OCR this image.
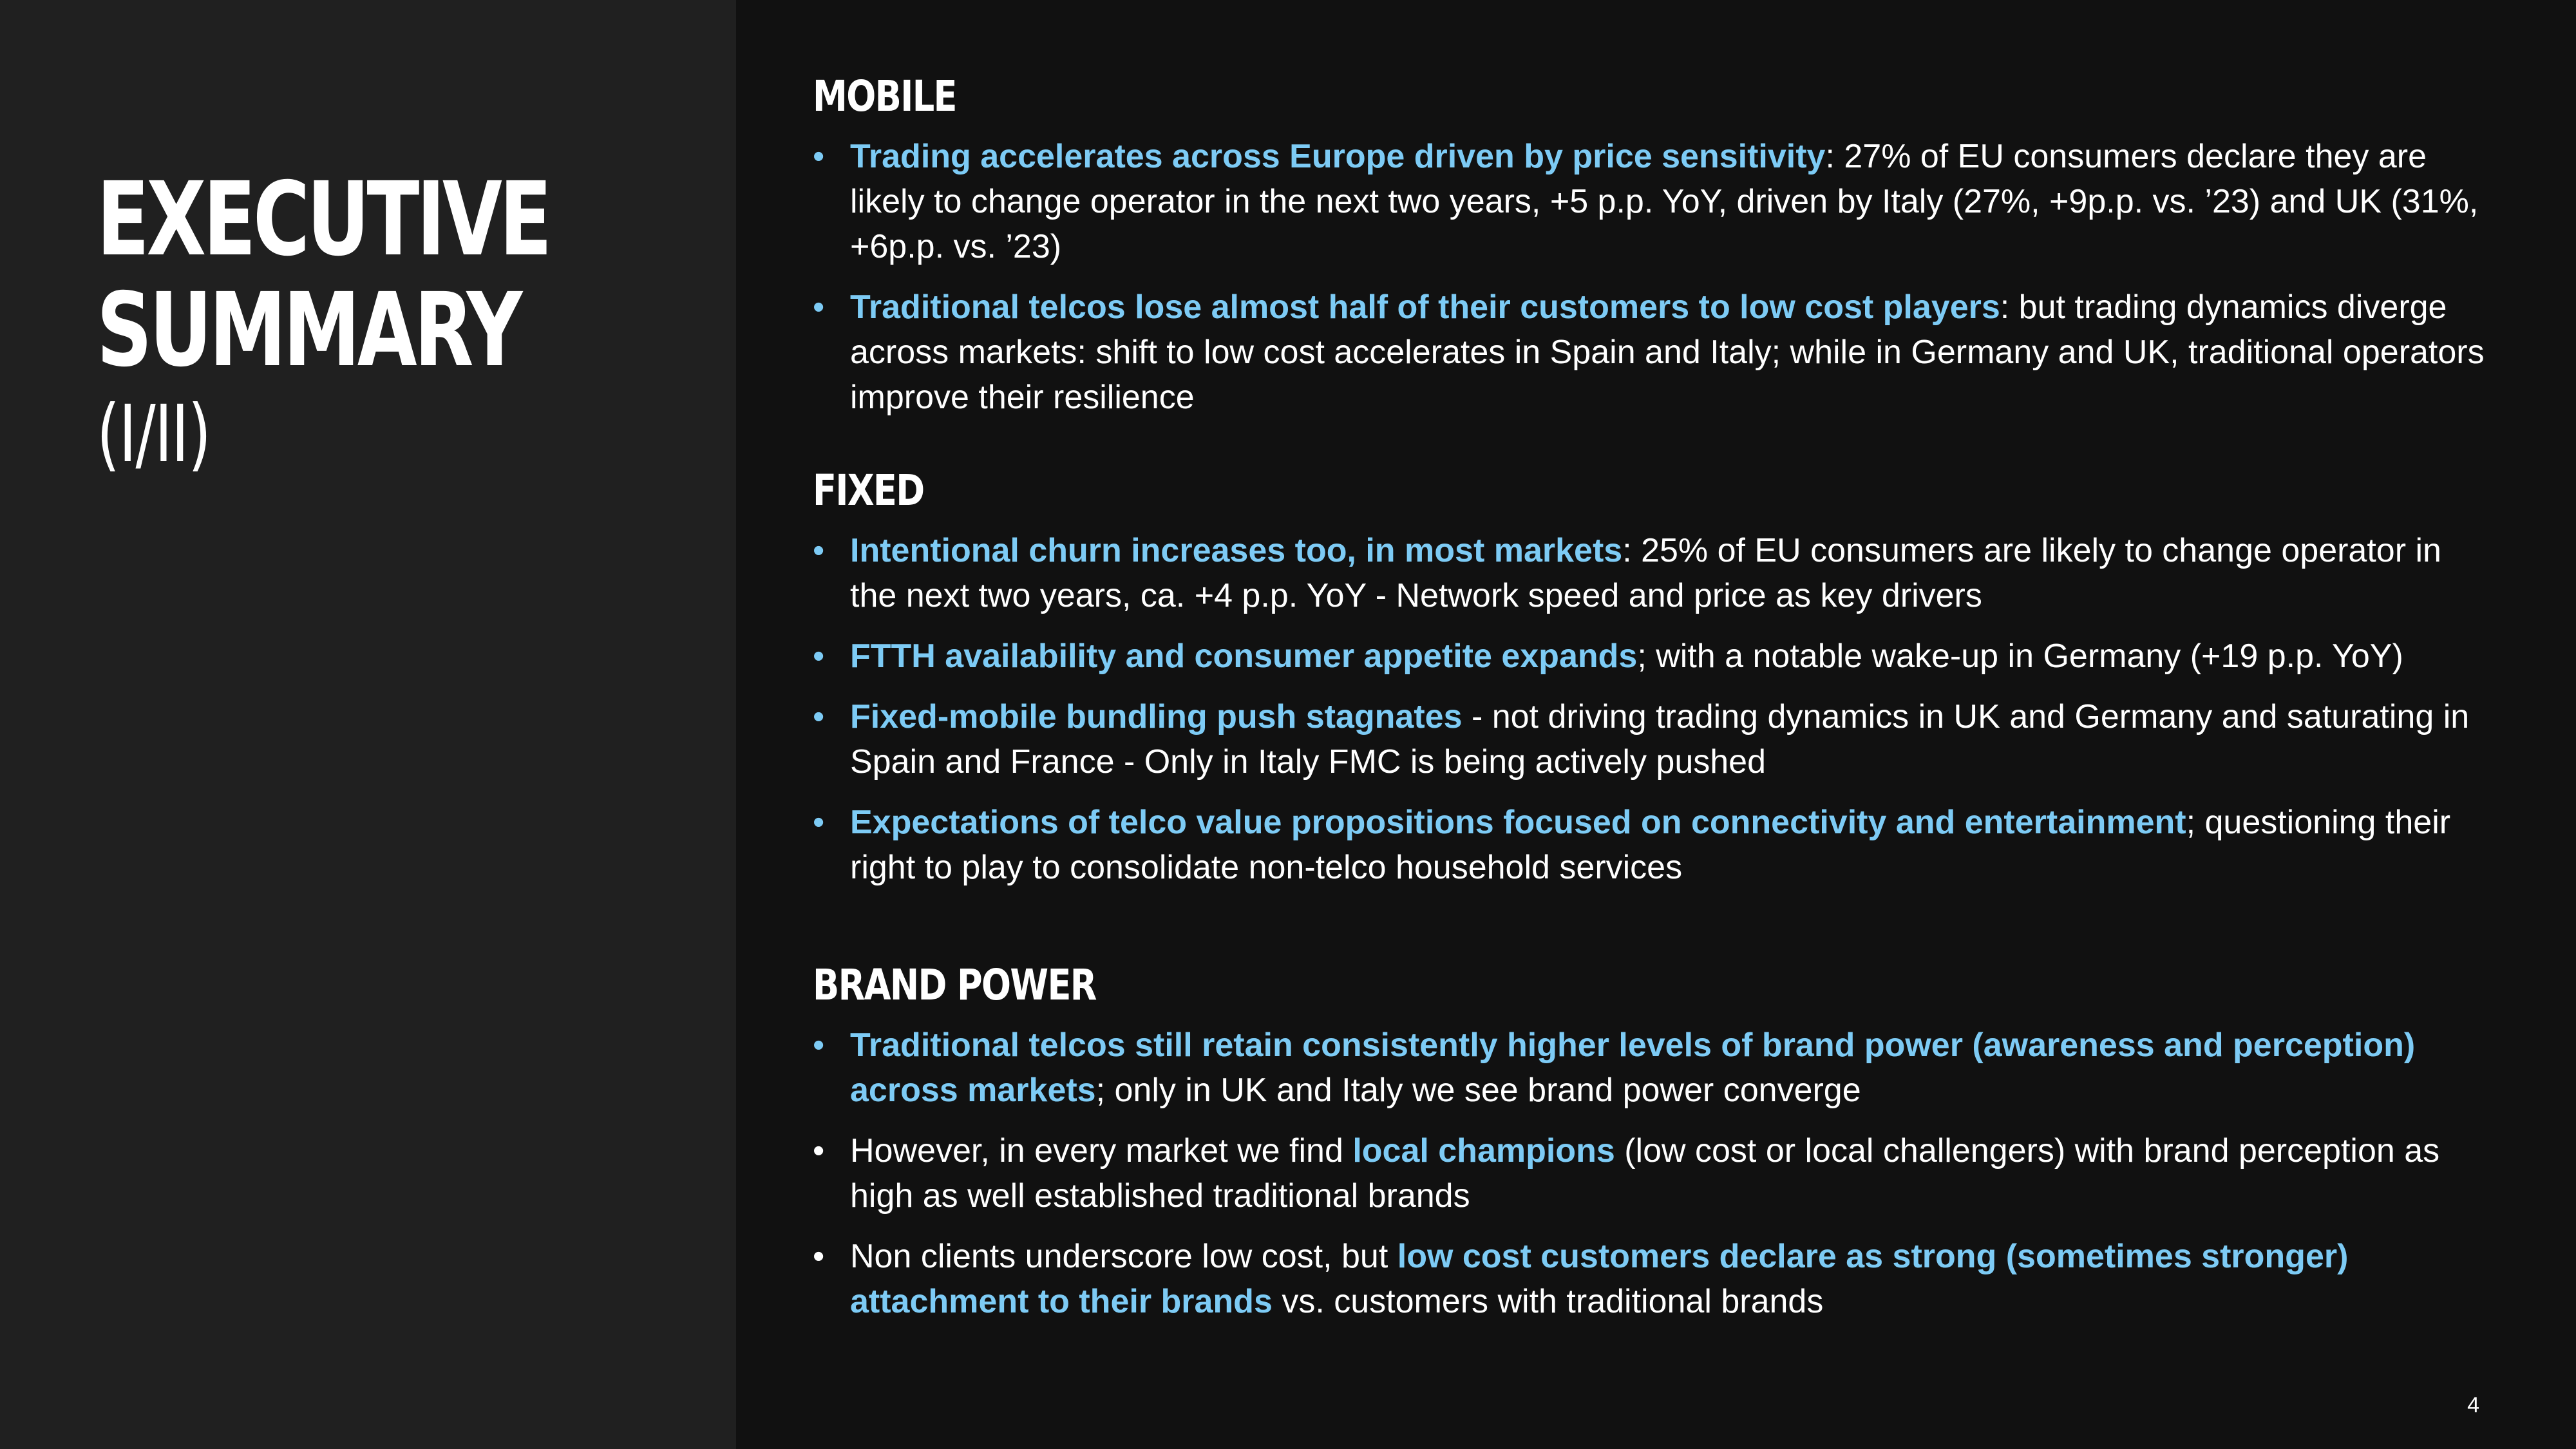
EXECUTIVE
SUMMARY
(I/II)
MOBILE
• Trading accelerates across Europe driven by price sensitivity: 27% of EU consumers declare they are likely to change operator in the next two years, +5 p.p. YoY, driven by Italy (27%, +9p.p. vs. ’23) and UK (31%, +6p.p. vs. ’23)
• Traditional telcos lose almost half of their customers to low cost players: but trading dynamics diverge across markets: shift to low cost accelerates in Spain and Italy; while in Germany and UK, traditional operators improve their resilience
FIXED
• Intentional churn increases too, in most markets: 25% of EU consumers are likely to change operator in the next two years, ca. +4 p.p. YoY - Network speed and price as key drivers
• FTTH availability and consumer appetite expands; with a notable wake-up in Germany (+19 p.p. YoY)
• Fixed-mobile bundling push stagnates - not driving trading dynamics in UK and Germany and saturating in Spain and France - Only in Italy FMC is being actively pushed
• Expectations of telco value propositions focused on connectivity and entertainment; questioning their right to play to consolidate non-telco household services
BRAND POWER
• Traditional telcos still retain consistently higher levels of brand power (awareness and perception) across markets; only in UK and Italy we see brand power converge
• However, in every market we find local champions (low cost or local challengers) with brand perception as high as well established traditional brands
• Non clients underscore low cost, but low cost customers declare as strong (sometimes stronger) attachment to their brands vs. customers with traditional brands
4
